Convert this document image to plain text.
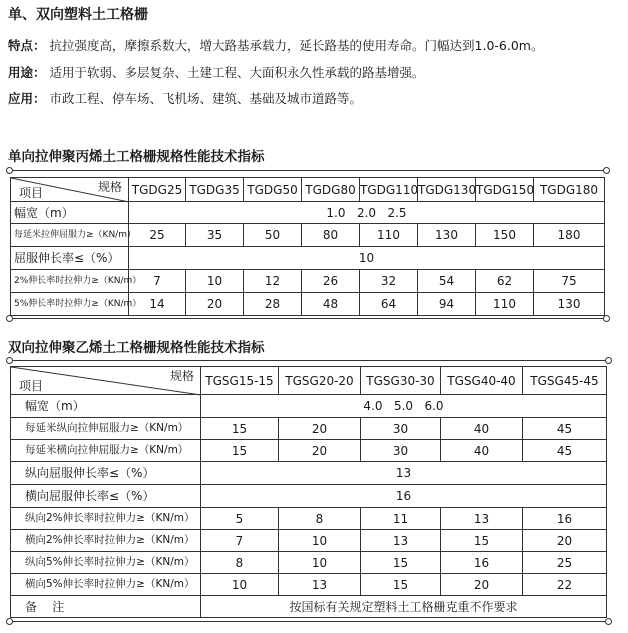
单、双向塑料土工格栅
特点： 抗拉强度高，摩擦系数大，增大路基承载力，延长路基的使用寿命。门幅达到1.0-6.0m。
用途： 适用于软弱、多层复杂、土建工程、大面积永久性承载的路基增强。
应用： 市政工程、停车场、飞机场、建筑、基础及城市道路等。
单向拉伸聚丙烯土工格栅规格性能技术指标
规格
项目	TGDG25	TGDG35	TGDG50	TGDG80	TGDG110	TGDG130	TGDG150	TGDG180
幅宽（m）	1.0   2.0   2.5							
每延米拉伸屈服力≥（KN/m）	25	35	50	80	110	130	150	180
屈服伸长率≤（%）	10							
2%伸长率时拉伸力≥（KN/m）	7	10	12	26	32	54	62	75
5%伸长率时拉伸力≥（KN/m）	14	20	28	48	64	94	110	130
双向拉伸聚乙烯土工格栅规格性能技术指标
规格
项目	TGSG15-15	TGSG20-20	TGSG30-30	TGSG40-40	TGSG45-45
幅宽（m）	4.0   5.0   6.0				
每延米纵向拉伸屈服力≥（KN/m）	15	20	30	40	45
每延米横向拉伸屈服力≥（KN/m）	15	20	30	40	45
纵向屈服伸长率≤（%）	13				
横向屈服伸长率≤（%）	16				
纵向2%伸长率时拉伸力≥（KN/m）	5	8	11	13	16
横向2%伸长率时拉伸力≥（KN/m）	7	10	13	15	20
纵向5%伸长率时拉伸力≥（KN/m）	8	10	15	16	25
横向5%伸长率时拉伸力≥（KN/m）	10	13	15	20	22
备    注	按国标有关规定塑料土工格栅克重不作要求				
